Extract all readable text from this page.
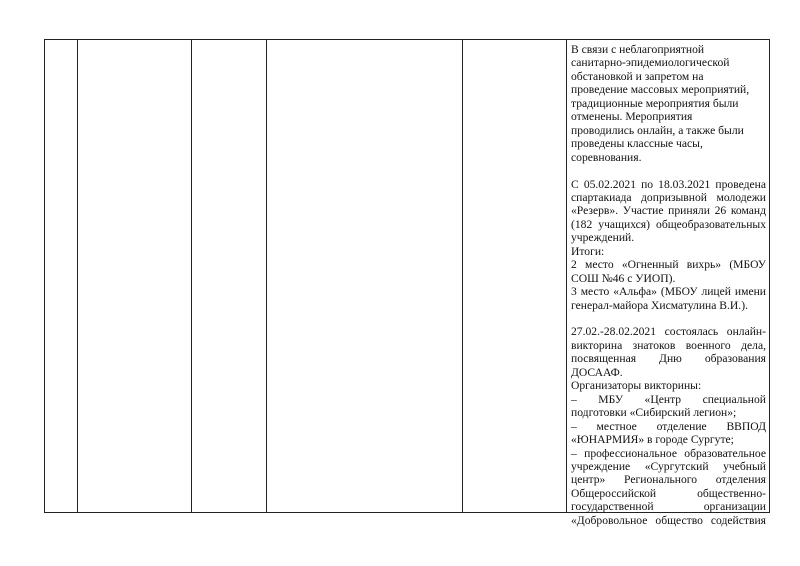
В связи с неблагоприятной
санитарно-эпидемиологической
обстановкой и запретом на
проведение массовых мероприятий,
традиционные мероприятия были
отменены. Мероприятия
проводились онлайн, а также были
проведены классные часы,
соревнования.
С 05.02.2021 по 18.03.2021 проведена
спартакиада допризывной молодежи
«Резерв». Участие приняли 26 команд
(182 учащихся) общеобразовательных
учреждений.
Итоги:
2 место «Огненный вихрь» (МБОУ
СОШ №46 с УИОП).
3 место «Альфа» (МБОУ лицей имени
генерал-майора Хисматулина В.И.).
27.02.-28.02.2021 состоялась онлайн-
викторина знатоков военного дела,
посвященная Дню образования
ДОСААФ.
Организаторы викторины:
– МБУ «Центр специальной
подготовки «Сибирский легион»;
– местное отделение ВВПОД
«ЮНАРМИЯ» в городе Сургуте;
– профессиональное образовательное
учреждение «Сургутский учебный
центр» Регионального отделения
Общероссийской общественно-
государственной организации
«Добровольное общество содействия
